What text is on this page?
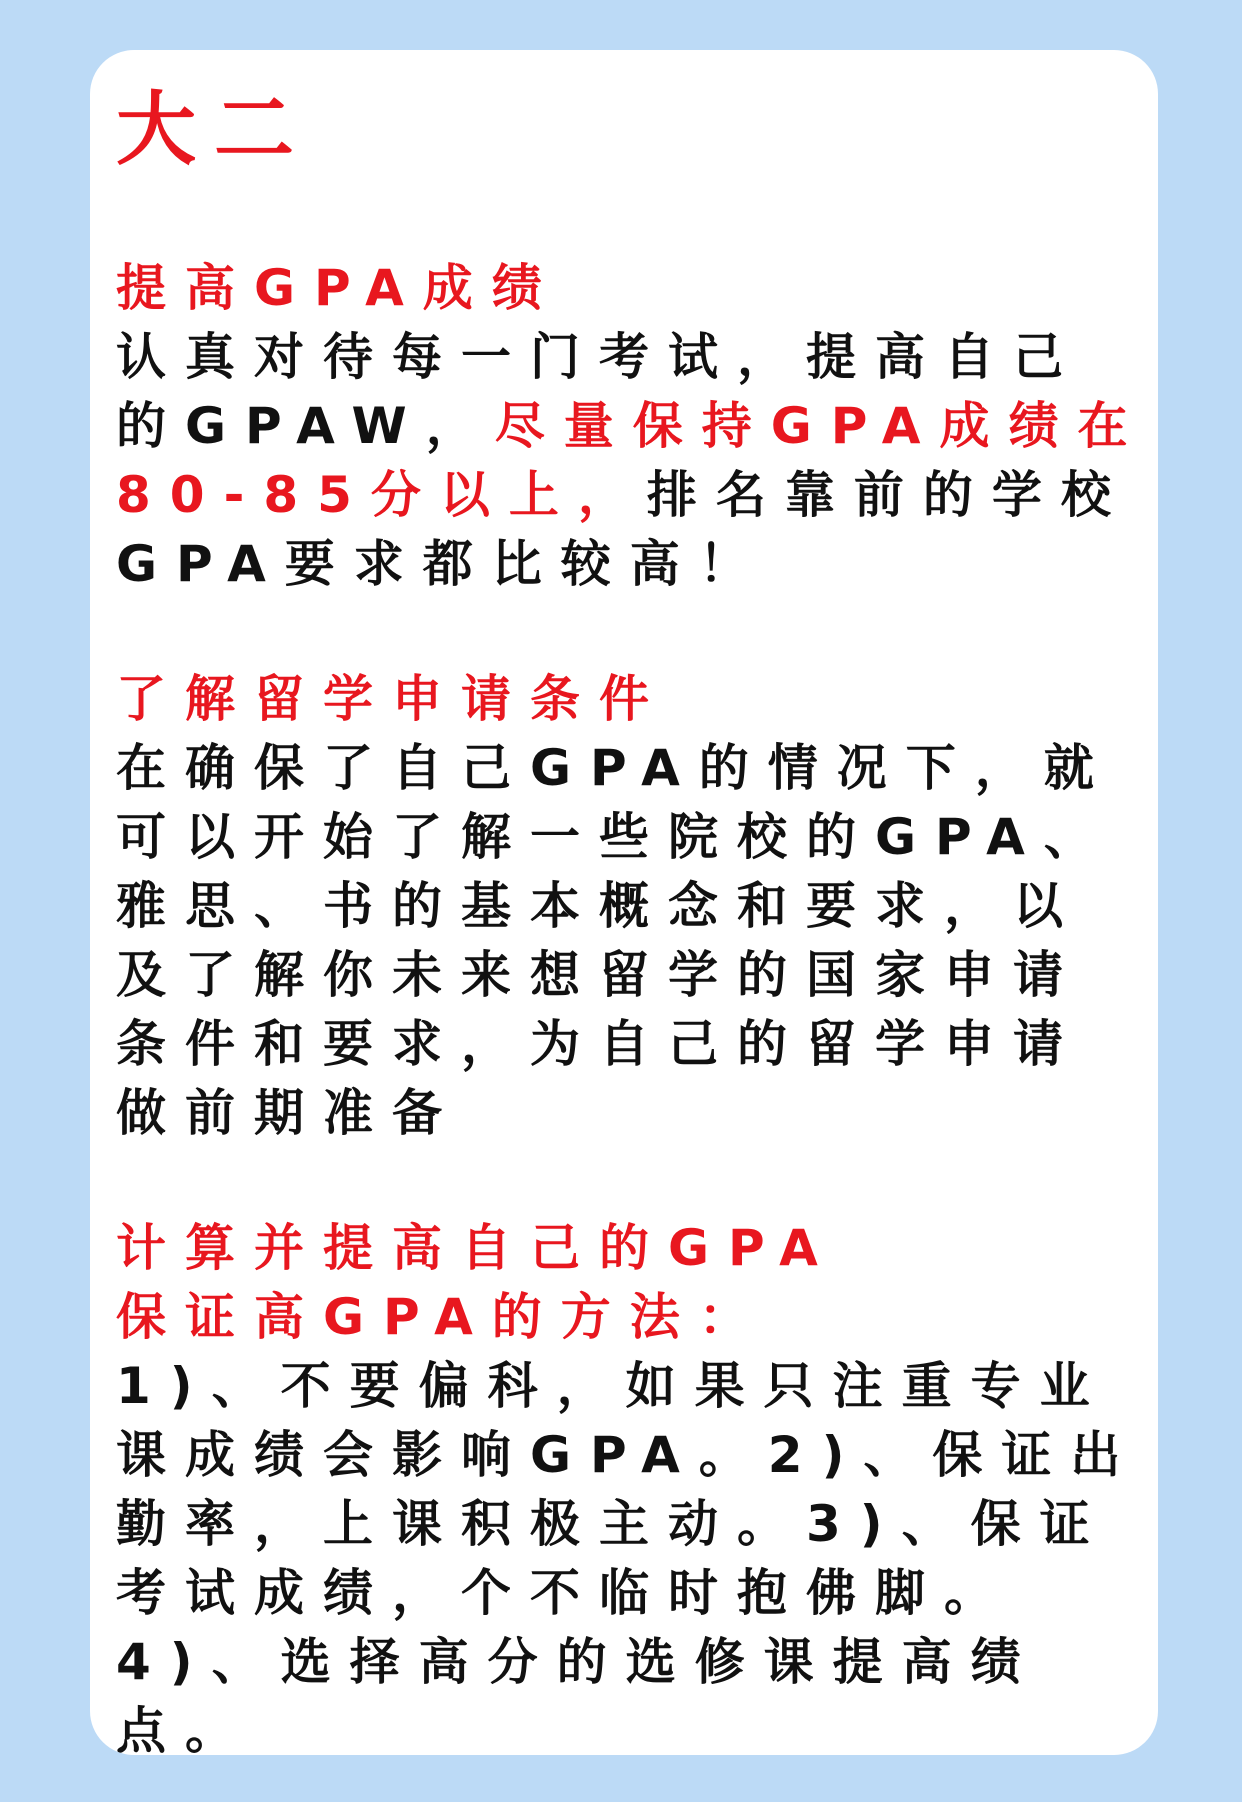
大二
提高GPA成绩
认真对待每一门考试，提高自己
的GPAW，尽量保持GPA成绩在
80-85分以上，排名靠前的学校
GPA要求都比较高！
了解留学申请条件
在确保了自己GPA的情况下，就
可以开始了解一些院校的GPA、
雅思、书的基本概念和要求，以
及了解你未来想留学的国家申请
条件和要求，为自己的留学申请
做前期准备
计算并提高自己的GPA
保证高GPA的方法：
1)、不要偏科，如果只注重专业
课成绩会影响GPA。2)、保证出
勤率，上课积极主动。3)、保证
考试成绩，个不临时抱佛脚。
4)、选择高分的选修课提高绩
点。
